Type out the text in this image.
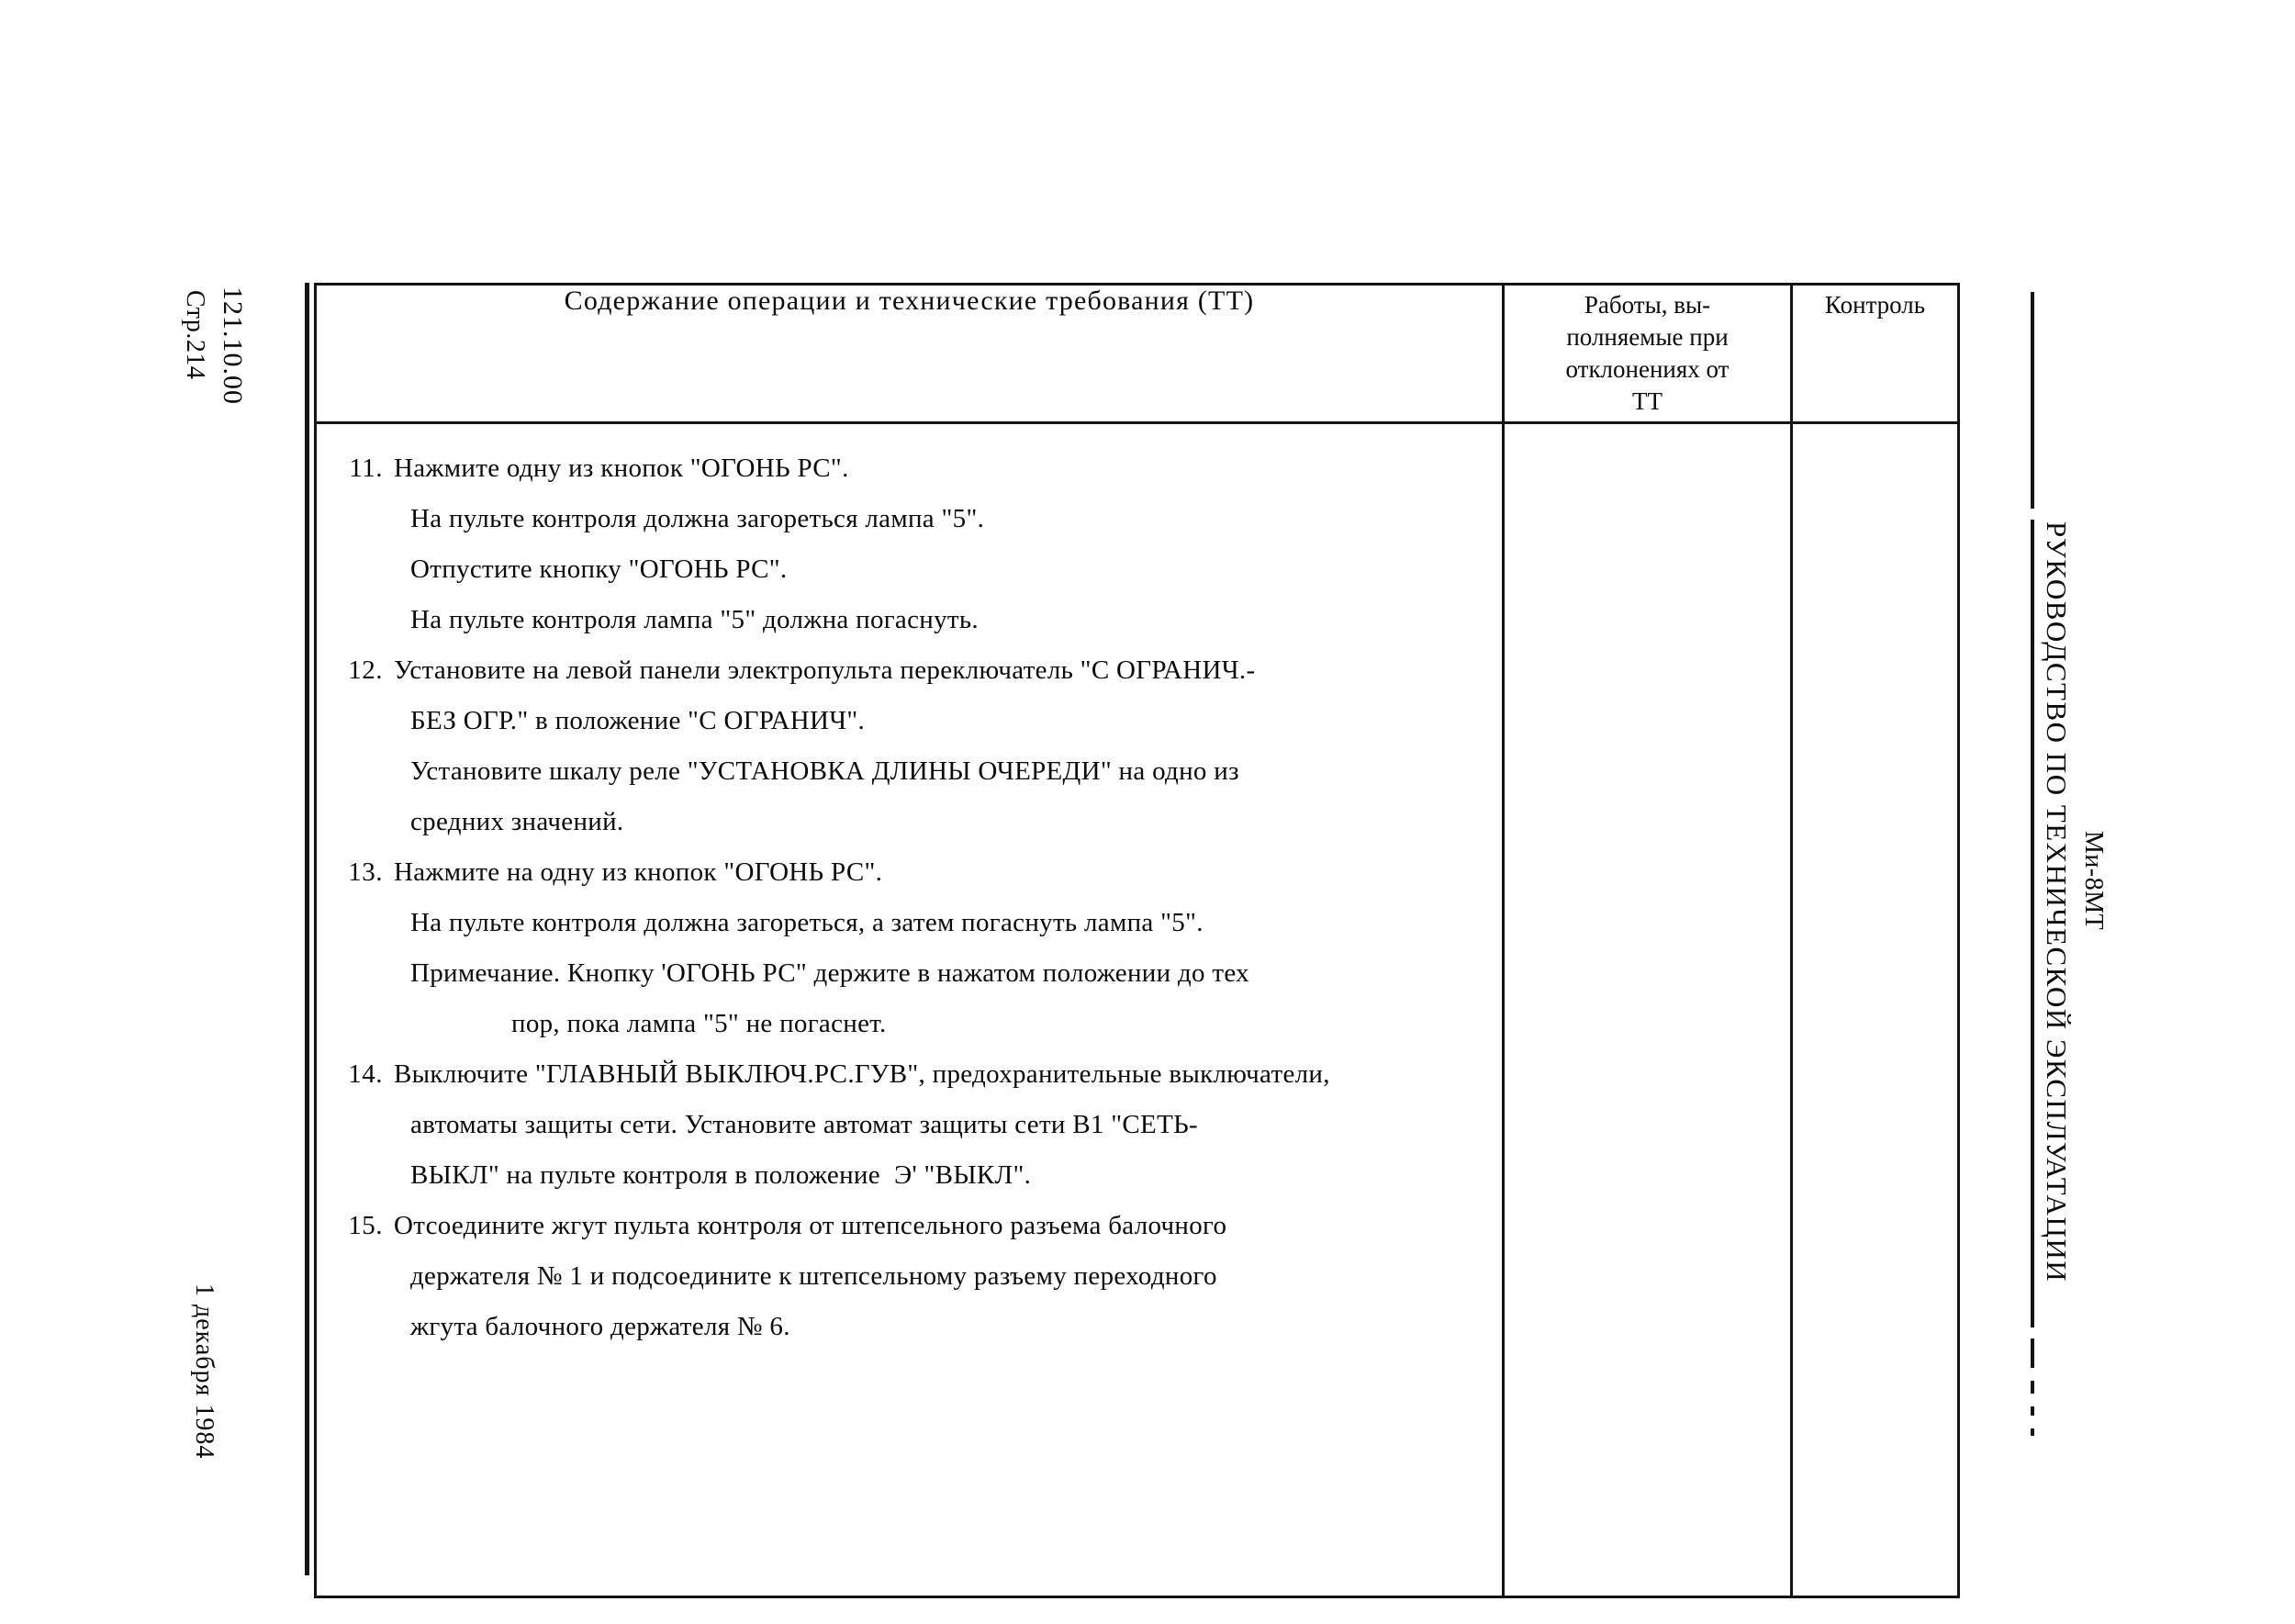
121.10.00
Стр.214
1 декабря 1984
РУКОВОДСТВО ПО ТЕХНИЧЕСКОЙ ЭКСПЛУАТАЦИИ Ми-8МТ
Содержание операции и технические требования (ТТ)	Работы, вы-
полняемые при
отклонениях от
ТТ	Контроль

11. Нажмите одну из кнопок "ОГОНЬ РС".
На пульте контроля должна загореться лампа "5".
Отпустите кнопку "ОГОНЬ РС".
На пульте контроля лампа "5" должна погаснуть.
12. Установите на левой панели электропульта переключатель "С ОГРАНИЧ.-
БЕЗ ОГР." в положение "С ОГРАНИЧ".
Установите шкалу реле "УСТАНОВКА ДЛИНЫ ОЧЕРЕДИ" на одно из
средних значений.
13. Нажмите на одну из кнопок "ОГОНЬ РС".
На пульте контроля должна загореться, а затем погаснуть лампа "5".
Примечание. Кнопку 'ОГОНЬ РС" держите в нажатом положении до тех
пор, пока лампа "5" не погаснет.
14. Выключите "ГЛАВНЫЙ ВЫКЛЮЧ.РС.ГУВ", предохранительные выключатели,
автоматы защиты сети. Установите автомат защиты сети В1 "СЕТЬ-
ВЫКЛ" на пульте контроля в положение  Э' "ВЫКЛ".
15. Отсоедините жгут пульта контроля от штепсельного разъема балочного
держателя № 1 и подсоедините к штепсельному разъему переходного
жгута балочного держателя № 6.
